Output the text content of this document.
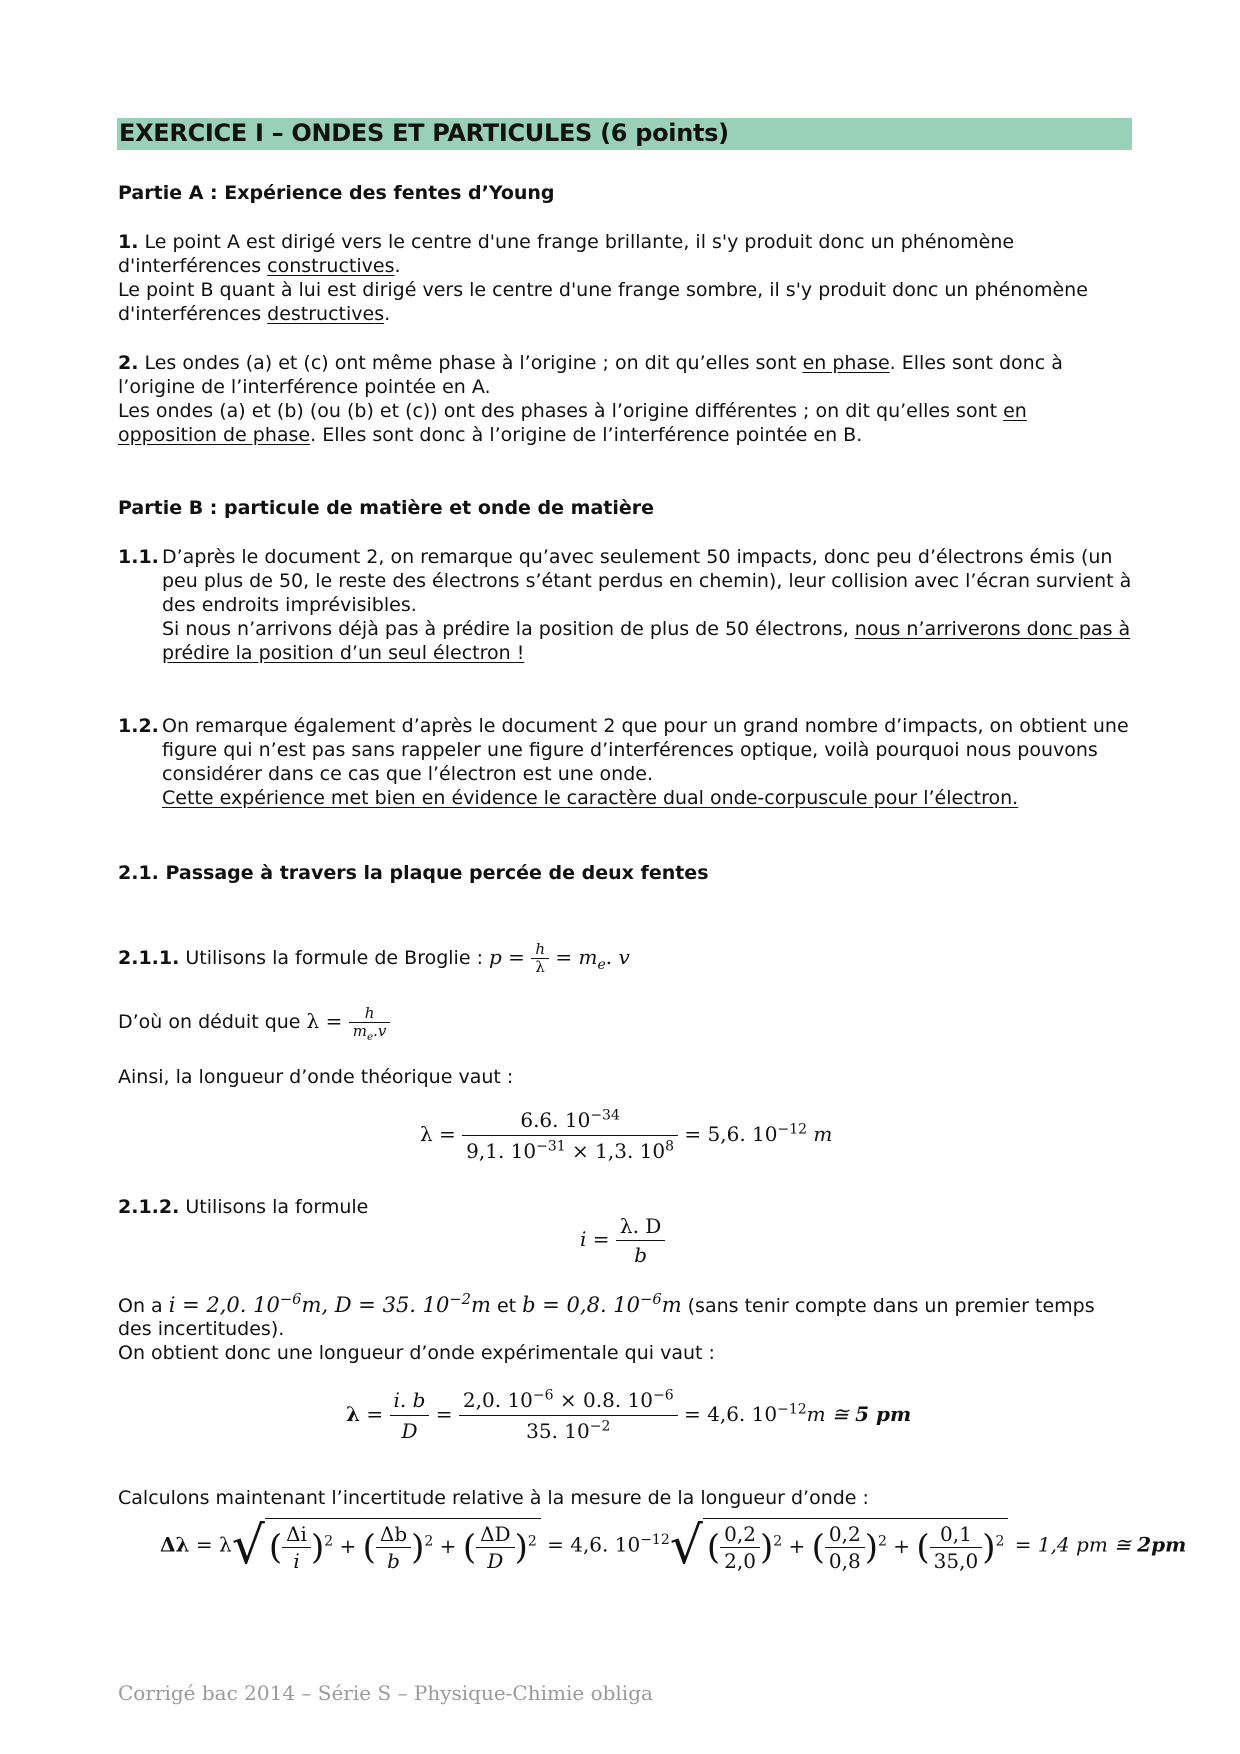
EXERCICE I – ONDES ET PARTICULES (6 points)
Partie A : Expérience des fentes d’Young
1. Le point A est dirigé vers le centre d'une frange brillante, il s'y produit donc un phénomène
d'interférences constructives.
Le point B quant à lui est dirigé vers le centre d'une frange sombre, il s'y produit donc un phénomène
d'interférences destructives.
2. Les ondes (a) et (c) ont même phase à l’origine ; on dit qu’elles sont en phase. Elles sont donc à
l’origine de l’interférence pointée en A.
Les ondes (a) et (b) (ou (b) et (c)) ont des phases à l’origine différentes ; on dit qu’elles sont en
opposition de phase. Elles sont donc à l’origine de l’interférence pointée en B.
Partie B : particule de matière et onde de matière
1.1. D’après le document 2, on remarque qu’avec seulement 50 impacts, donc peu d’électrons émis (un
peu plus de 50, le reste des électrons s’étant perdus en chemin), leur collision avec l’écran survient à
des endroits imprévisibles.
Si nous n’arrivons déjà pas à prédire la position de plus de 50 électrons, nous n’arriverons donc pas à
prédire la position d’un seul électron !
1.2. On remarque également d’après le document 2 que pour un grand nombre d’impacts, on obtient une
figure qui n’est pas sans rappeler une figure d’interférences optique, voilà pourquoi nous pouvons
considérer dans ce cas que l’électron est une onde.
Cette expérience met bien en évidence le caractère dual onde-corpuscule pour l’électron.
2.1. Passage à travers la plaque percée de deux fentes
2.1.1. Utilisons la formule de Broglie : $p = \frac{h}{\lambda} = m_e$. v
D’où on déduit que $\lambda = \frac{h}{m_e.v}$
Ainsi, la longueur d’onde théorique vaut :
$\lambda = \frac{6.6. 10^{-34}}{9,1. 10^{-31} \times 1,3. 10^8} = 5,6$. $10^{-12}$ m
2.1.2. Utilisons la formule
$i = \frac{\lambda. D}{b}$
On a i = 2,0. $10^{-6}m$, D = 35. $10^{-2}m$ et b = 0,8. $10^{-6}m$ (sans tenir compte dans un premier temps
des incertitudes).
On obtient donc une longueur d’onde expérimentale qui vaut :
$\lambda = \frac{i. b}{D} = \frac{2,0. 10^{-6} \times 0.8. 10^{-6}}{35. 10^{-2}} = 4,6$. $10^{-12}m$ ≅ 5 pm
Calculons maintenant l’incertitude relative à la mesure de la longueur d’onde :
Δλ = λ√ ( $\frac{\Delta i}{i} )^2$ + ( $\frac{\Delta b}{b} )^2$ + ( $\frac{\Delta D}{D} )^2 = 4,6$. $10^{-12}√$ ( $\frac{0,2}{2,0} )^2$ + ( $\frac{0,2}{0,8} )^2$ + ( $\frac{0,1}{35,0} )^2 = 1,4$ pm ≅ 2pm
Corrigé bac 2014 – Série S – Physique-Chimie obliga
